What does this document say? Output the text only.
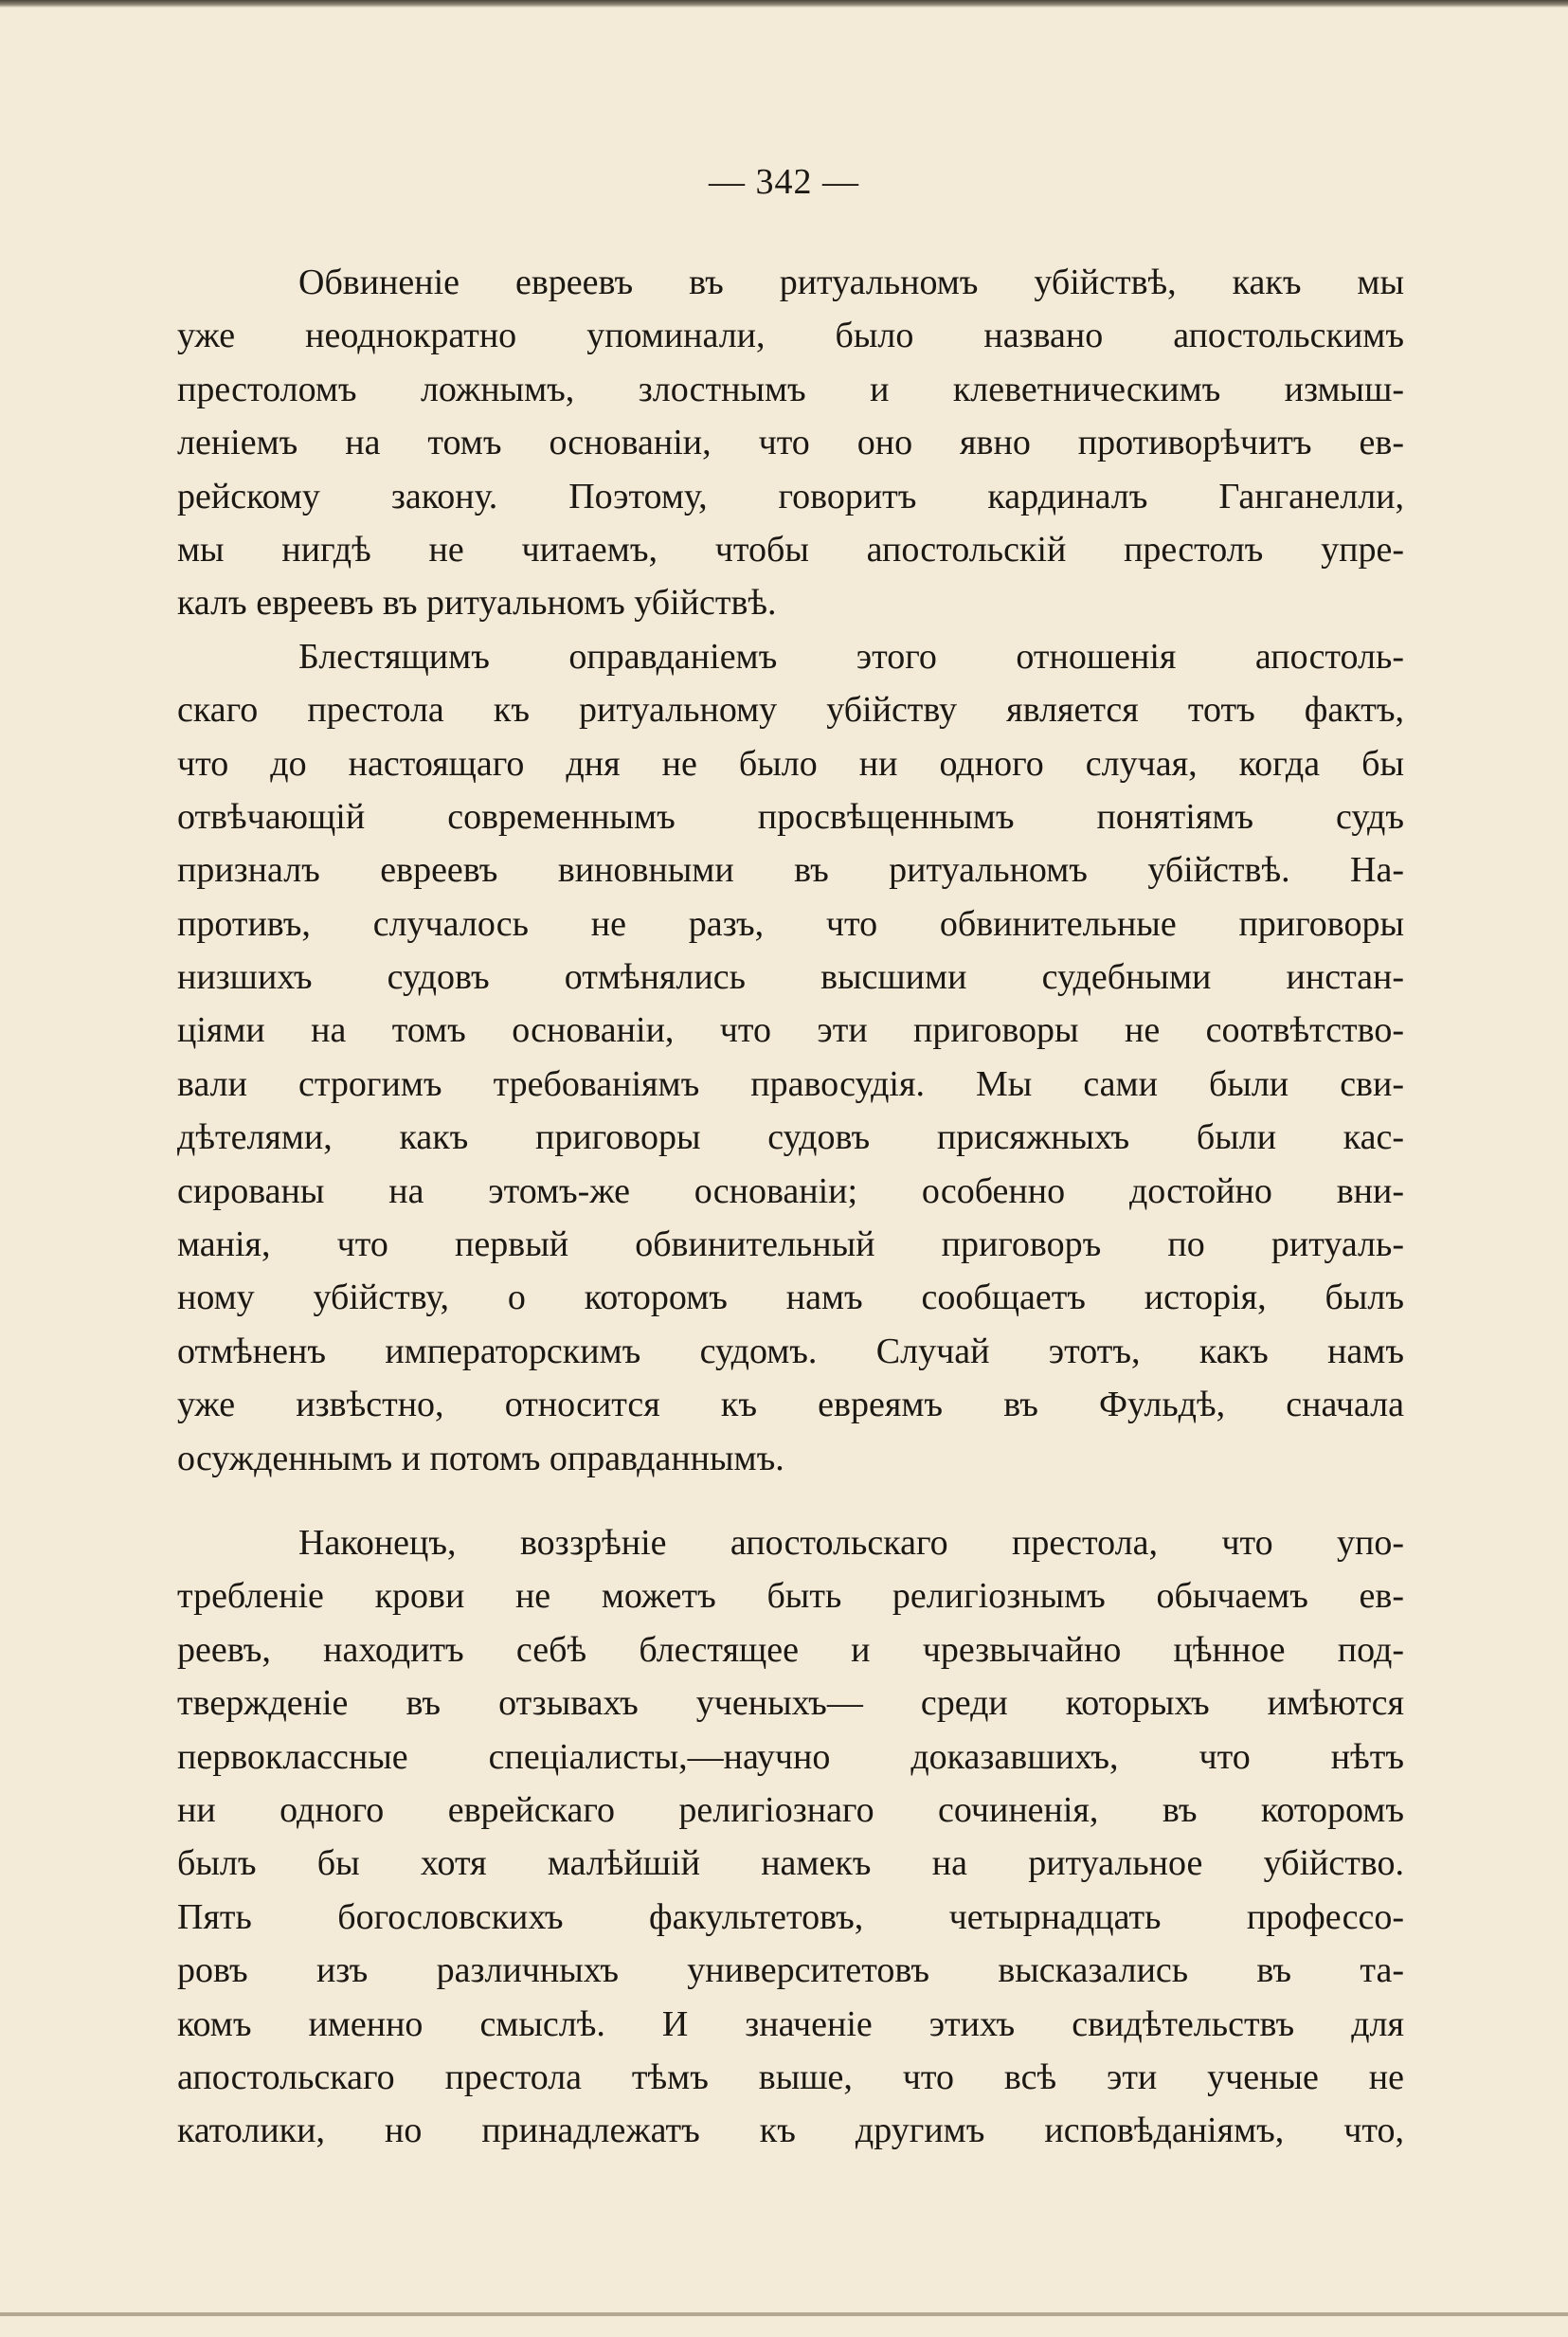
— 342 —
Обвиненіе евреевъ въ ритуальномъ убійствѣ, какъ мы
уже неоднократно упоминали, было названо апостольскимъ
престоломъ ложнымъ, злостнымъ и клеветническимъ измыш-
леніемъ на томъ основаніи, что оно явно противорѣчитъ ев-
рейскому закону. Поэтому, говоритъ кардиналъ Ганганелли,
мы нигдѣ не читаемъ, чтобы апостольскій престолъ упре-
калъ евреевъ въ ритуальномъ убійствѣ.
Блестящимъ оправданіемъ этого отношенія апостоль-
скаго престола къ ритуальному убійству является тотъ фактъ,
что до настоящаго дня не было ни одного случая, когда бы
отвѣчающій современнымъ просвѣщеннымъ понятіямъ судъ
призналъ евреевъ виновными въ ритуальномъ убійствѣ. На-
противъ, случалось не разъ, что обвинительные приговоры
низшихъ судовъ отмѣнялись высшими судебными инстан-
ціями на томъ основаніи, что эти приговоры не соотвѣтство-
вали строгимъ требованіямъ правосудія. Мы сами были сви-
дѣтелями, какъ приговоры судовъ присяжныхъ были кас-
сированы на этомъ-же основаніи; особенно достойно вни-
манія, что первый обвинительный приговоръ по ритуаль-
ному убійству, о которомъ намъ сообщаетъ исторія, былъ
отмѣненъ императорскимъ судомъ. Случай этотъ, какъ намъ
уже извѣстно, относится къ евреямъ въ Фульдѣ, сначала
осужденнымъ и потомъ оправданнымъ.
Наконецъ, воззрѣніе апостольскаго престола, что упо-
требленіе крови не можетъ быть религіознымъ обычаемъ ев-
реевъ, находитъ себѣ блестящее и чрезвычайно цѣнное под-
твержденіе въ отзывахъ ученыхъ— среди которыхъ имѣются
первоклассные спеціалисты,—научно доказавшихъ, что нѣтъ
ни одного еврейскаго религіознаго сочиненія, въ которомъ
былъ бы хотя малѣйшій намекъ на ритуальное убійство.
Пять богословскихъ факультетовъ, четырнадцать профессо-
ровъ изъ различныхъ университетовъ высказались въ та-
комъ именно смыслѣ. И значеніе этихъ свидѣтельствъ для
апостольскаго престола тѣмъ выше, что всѣ эти ученые не
католики, но принадлежатъ къ другимъ исповѣданіямъ, что,
